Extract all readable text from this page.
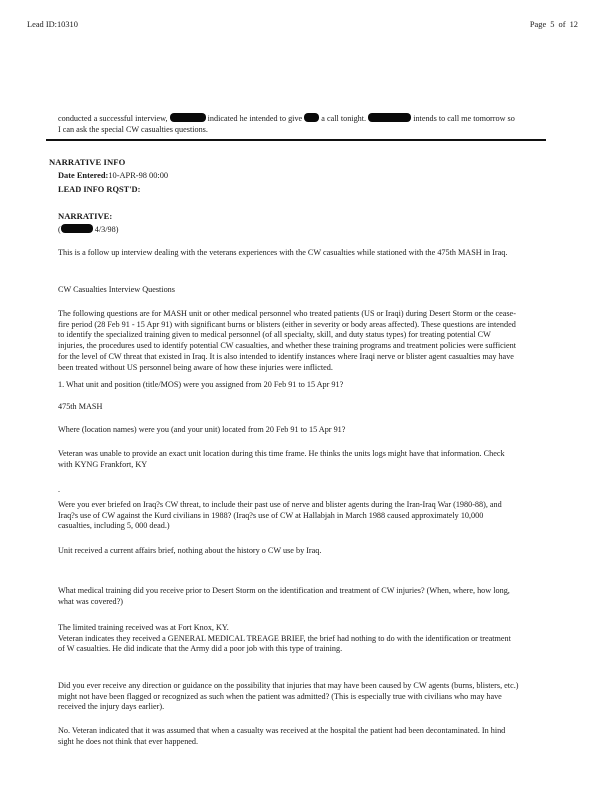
Lead ID:10310	Page 5 of 12

conducted a successful interview,	indicated he intended to give  a call tonight.	intends to call me tomorrow so I can ask the special CW casualties questions.

NARRATIVE INFO
Date Entered:10-APR-98 00:00
LEAD INFO RQST'D:
NARRATIVE:
(	4/3/98)

This is a follow up interview dealing with the veterans experiences with the CW casualties while stationed with the 475th MASH in Iraq.

CW Casualties Interview Questions

The following questions are for MASH unit or other medical personnel who treated patients (US or Iraqi) during Desert Storm or the cease-fire period (28 Feb 91 - 15 Apr 91) with significant burns or blisters (either in severity or body areas affected). These questions are intended to identify the specialized training given to medical personnel (of all specialty, skill, and duty status types) for treating potential CW injuries, the procedures used to identify potential CW casualties, and whether these training programs and treatment policies were sufficient for the level of CW threat that existed in Iraq. It is also intended to identify instances where Iraqi nerve or blister agent casualties may have been treated without US personnel being aware of how these injuries were inflicted.

1. What unit and position (title/MOS) were you assigned from 20 Feb 91 to 15 Apr 91?

475th MASH

Where (location names) were you (and your unit) located from 20 Feb 91 to 15 Apr 91?

Veteran was unable to provide an exact unit location during this time frame. He thinks the units logs might have that information. Check with KYNG Frankfort, KY

.

Were you ever briefed on Iraq?s CW threat, to include their past use of nerve and blister agents during the Iran-Iraq War (1980-88), and Iraq?s use of CW against the Kurd civilians in 1988? (Iraq?s use of CW at Hallabjah in March 1988 caused approximately 10,000 casualties, including 5, 000 dead.)

Unit received a current affairs brief, nothing about the history o CW use by Iraq.

What medical training did you receive prior to Desert Storm on the identification and treatment of CW injuries? (When, where, how long, what was covered?)

The limited training received was at Fort Knox, KY.
Veteran indicates they received a GENERAL MEDICAL TREAGE BRIEF, the brief had nothing to do with the identification or treatment of W casualties. He did indicate that the Army did a poor job with this type of training.

Did you ever receive any direction or guidance on the possibility that injuries that may have been caused by CW agents (burns, blisters, etc.) might not have been flagged or recognized as such when the patient was admitted? (This is especially true with civilians who may have received the injury days earlier).

No. Veteran indicated that it was assumed that when a casualty was received at the hospital the patient had been decontaminated. In hind sight he does not think that ever happened.
